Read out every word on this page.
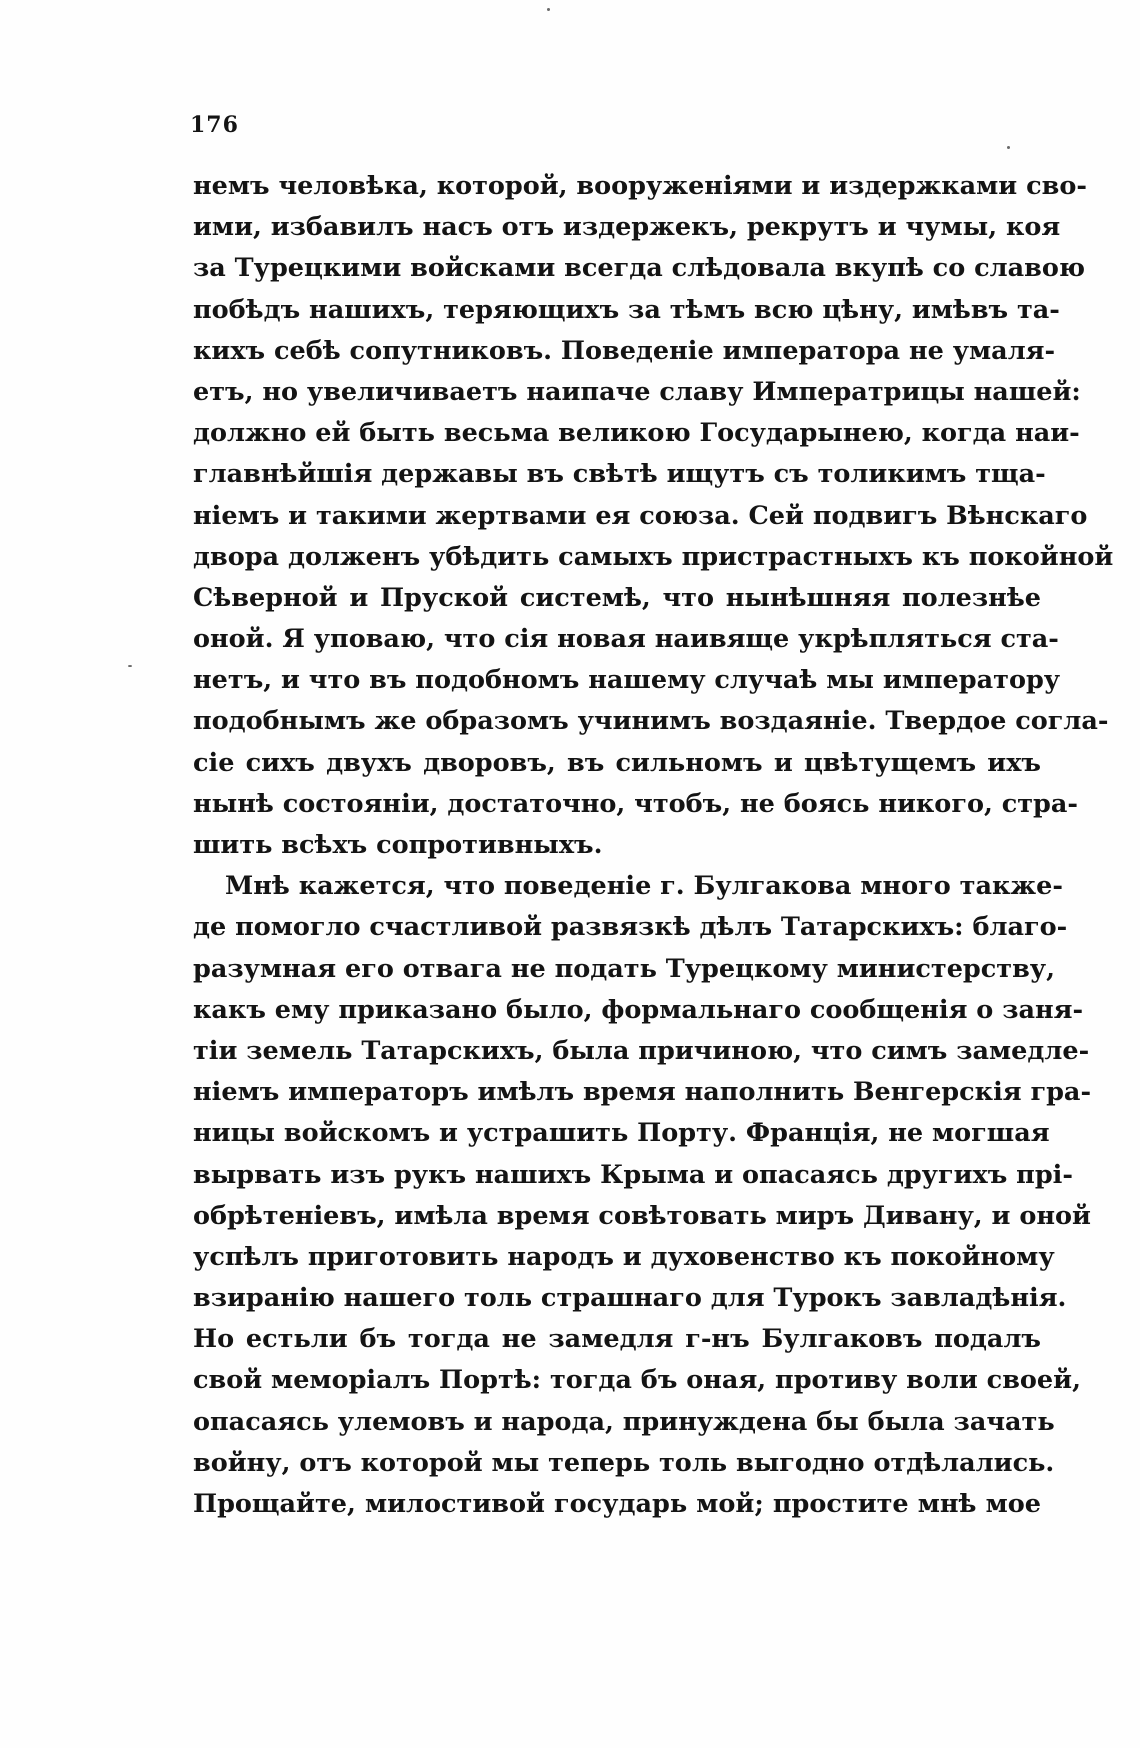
176
немъ человѣка, которой, вооруженіями и издержками сво-
ими, избавилъ насъ отъ издержекъ, рекрутъ и чумы, коя
за Турецкими войсками всегда слѣдовала вкупѣ со славою
побѣдъ нашихъ, теряющихъ за тѣмъ всю цѣну, имѣвъ та-
кихъ себѣ сопутниковъ. Поведеніе императора не умаля-
етъ, но увеличиваетъ наипаче славу Императрицы нашей:
должно ей быть весьма великою Государынею, когда наи-
главнѣйшія державы въ свѣтѣ ищутъ съ толикимъ тща-
ніемъ и такими жертвами ея союза. Сей подвигъ Вѣнскаго
двора долженъ убѣдить самыхъ пристрастныхъ къ покойной
Сѣверной и Пруской системѣ, что нынѣшняя полезнѣе
оной. Я уповаю, что сія новая наивяще укрѣпляться ста-
нетъ, и что въ подобномъ нашему случаѣ мы императору
подобнымъ же образомъ учинимъ воздаяніе. Твердое согла-
сіе сихъ двухъ дворовъ, въ сильномъ и цвѣтущемъ ихъ
нынѣ состояніи, достаточно, чтобъ, не боясь никого, стра-
шить всѣхъ сопротивныхъ.
Мнѣ кажется, что поведеніе г. Булгакова много также-
де помогло счастливой развязкѣ дѣлъ Татарскихъ: благо-
разумная его отвага не подать Турецкому министерству,
какъ ему приказано было, формальнаго сообщенія о заня-
тіи земель Татарскихъ, была причиною, что симъ замедле-
ніемъ императоръ имѣлъ время наполнить Венгерскія гра-
ницы войскомъ и устрашить Порту. Франція, не могшая
вырвать изъ рукъ нашихъ Крыма и опасаясь другихъ прі-
обрѣтеніевъ, имѣла время совѣтовать миръ Дивану, и оной
успѣлъ приготовить народъ и духовенство къ покойному
взиранію нашего толь страшнаго для Турокъ завладѣнія.
Но естьли бъ тогда не замедля г-нъ Булгаковъ подалъ
свой меморіалъ Портѣ: тогда бъ оная, противу воли своей,
опасаясь улемовъ и народа, принуждена бы была зачать
войну, отъ которой мы теперь толь выгодно отдѣлались.
Прощайте, милостивой государь мой; простите мнѣ мое
